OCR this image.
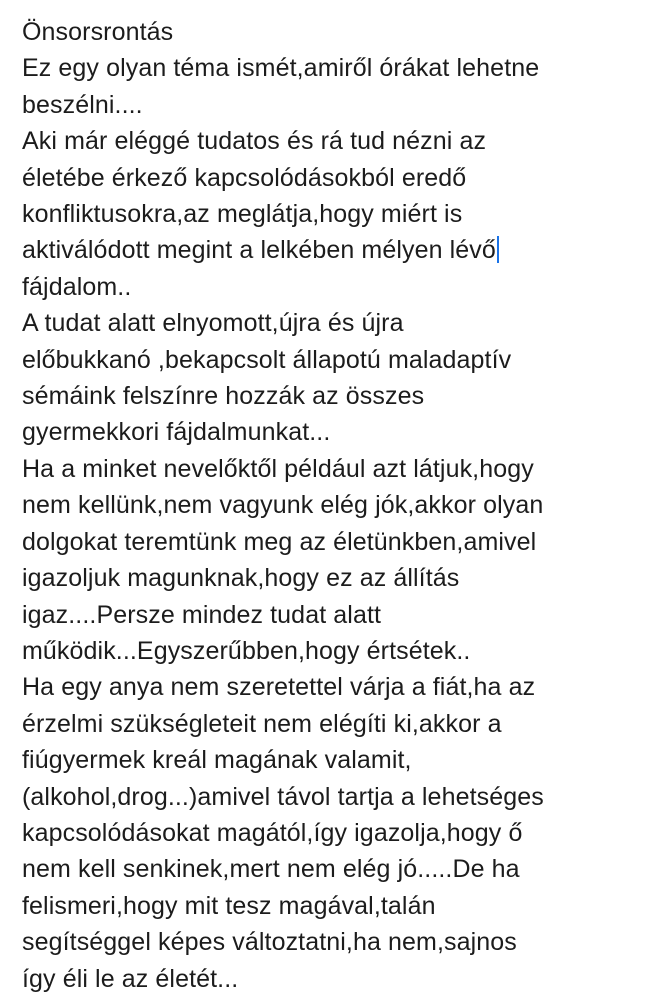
Önsorsrontás
Ez egy olyan téma ismét,amiről órákat lehetne
beszélni....
Aki már eléggé tudatos és rá tud nézni az
életébe érkező kapcsolódásokból eredő
konfliktusokra,az meglátja,hogy miért is
aktiválódott megint a lelkében mélyen lévő
fájdalom..
A tudat alatt elnyomott,újra és újra
előbukkanó ,bekapcsolt állapotú maladaptív
sémáink felszínre hozzák az összes
gyermekkori fájdalmunkat...
Ha a minket nevelőktől például azt látjuk,hogy
nem kellünk,nem vagyunk elég jók,akkor olyan
dolgokat teremtünk meg az életünkben,amivel
igazoljuk magunknak,hogy ez az állítás
igaz....Persze mindez tudat alatt
működik...Egyszerűbben,hogy értsétek..
Ha egy anya nem szeretettel várja a fiát,ha az
érzelmi szükségleteit nem elégíti ki,akkor a
fiúgyermek kreál magának valamit,
(alkohol,drog...)amivel távol tartja a lehetséges
kapcsolódásokat magától,így igazolja,hogy ő
nem kell senkinek,mert nem elég jó.....De ha
felismeri,hogy mit tesz magával,talán
segítséggel képes változtatni,ha nem,sajnos
így éli le az életét...
